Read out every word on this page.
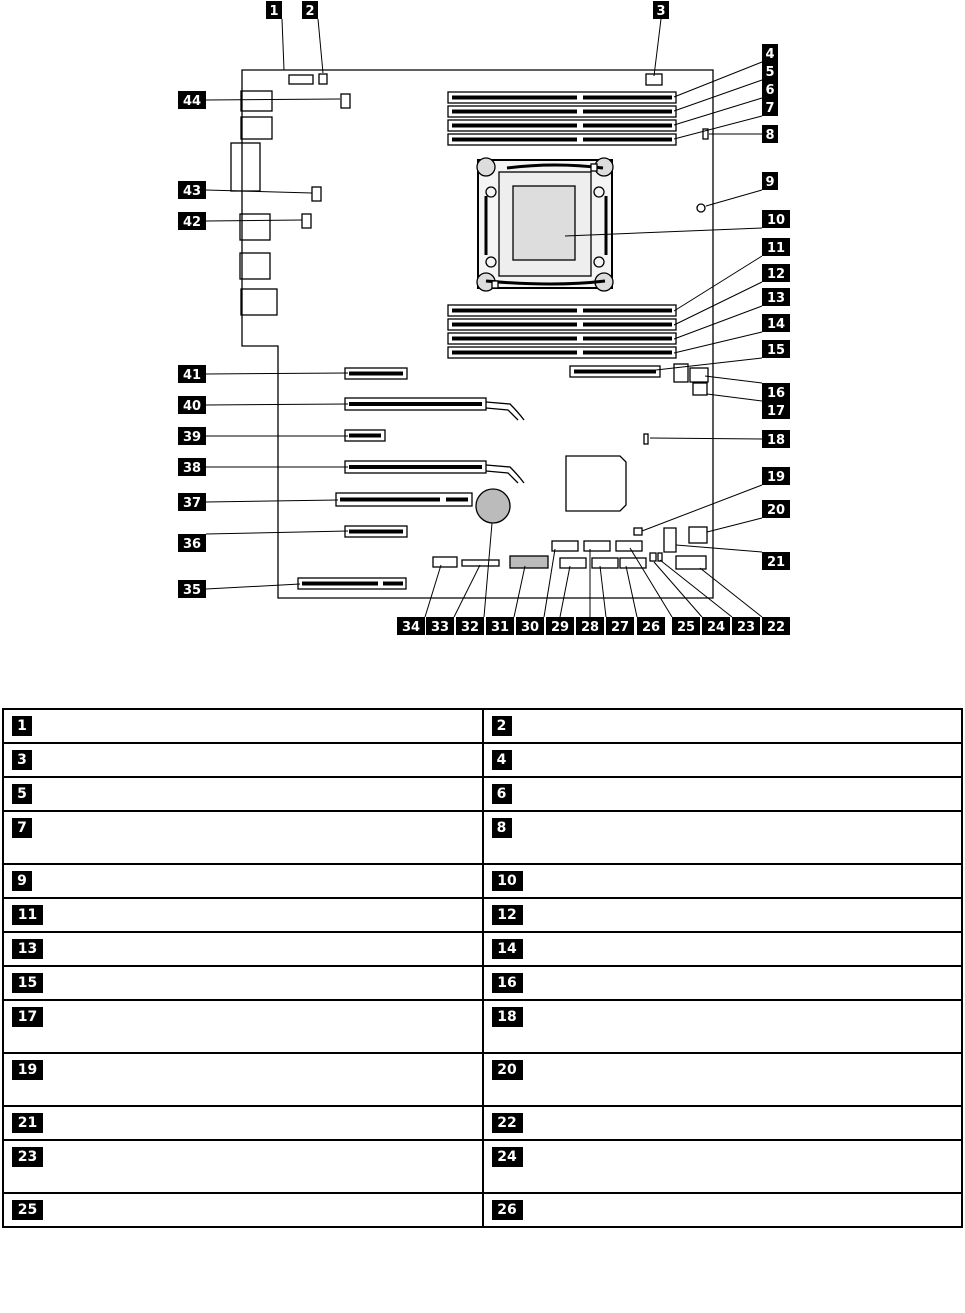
1 2	3
4
5
6
7
8
9
10
11
12
13
14
15
16
17
18
19
20
21
22
23
24
25
26
27
28
29
30
31
32
33
34
35
36
37
38
39
40
41
42
43
44
1	2

3	4

5	6

7	8

9	10

11	12

13	14

15	16

17	18

19	20

21	22

23	24

25	26
